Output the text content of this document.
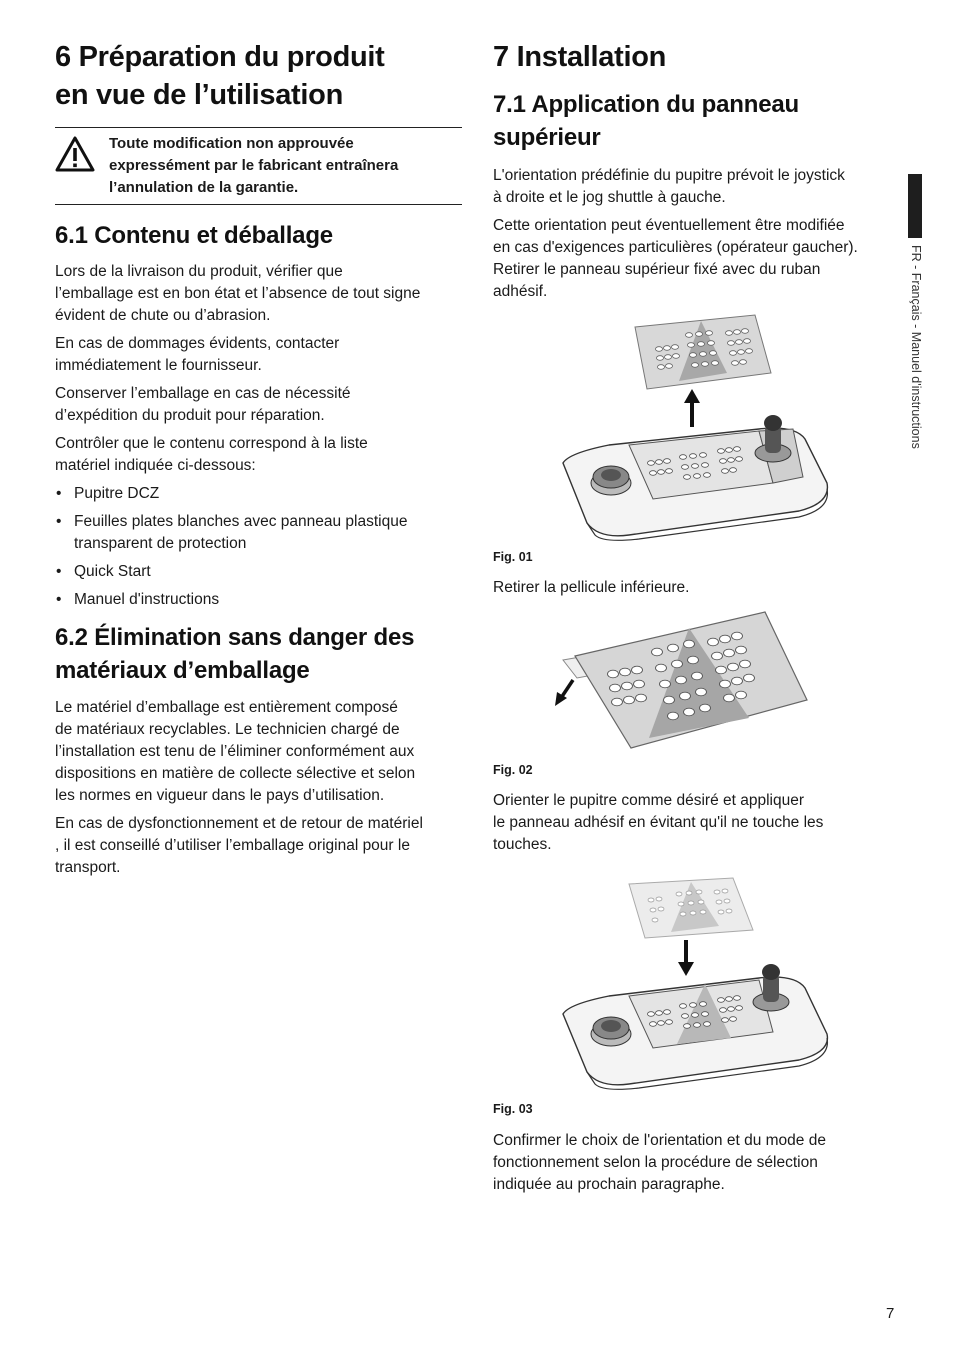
6 Préparation du produit
en vue de l’utilisation
Toute modification non approuvée
expressément par le fabricant entraînera
l’annulation de la garantie.
6.1 Contenu et déballage

Lors de la livraison du produit, vérifier que

l’emballage est en bon état et l’absence de tout signe

évident de chute ou d’abrasion.

En cas de dommages évidents, contacter

immédiatement le fournisseur.

Conserver l’emballage en cas de nécessité

d’expédition du produit pour réparation.

Contrôler que le contenu correspond à la liste

matériel indiquée ci-dessous:

• Pupitre DCZ
• Feuilles plates blanches avec panneau plastique
transparent de protection
• Quick Start
• Manuel d'instructions
6.2 Élimination sans danger des
matériaux d’emballage

Le matériel d’emballage est entièrement composé

de matériaux recyclables. Le technicien chargé de

l’installation est tenu de l’éliminer conformément aux

dispositions en matière de collecte sélective et selon

les normes en vigueur dans le pays d’utilisation.

En cas de dysfonctionnement et de retour de matériel

, il est conseillé d’utiliser l’emballage original pour le

transport.

7 Installation
7.1 Application du panneau
supérieur

L'orientation prédéfinie du pupitre prévoit le joystick

à droite et le jog shuttle à gauche.

Cette orientation peut éventuellement être modifiée

en cas d'exigences particulières (opérateur gaucher).

Retirer le panneau supérieur fixé avec du ruban

adhésif.

Fig. 01

Retirer la pellicule inférieure.

Fig. 02

Orienter le pupitre comme désiré et appliquer

le panneau adhésif en évitant qu'il ne touche les

touches.

Fig. 03

Confirmer le choix de l'orientation et du mode de

fonctionnement selon la procédure de sélection

indiquée au prochain paragraphe.

FR - Français - Manuel d'instructions
7
